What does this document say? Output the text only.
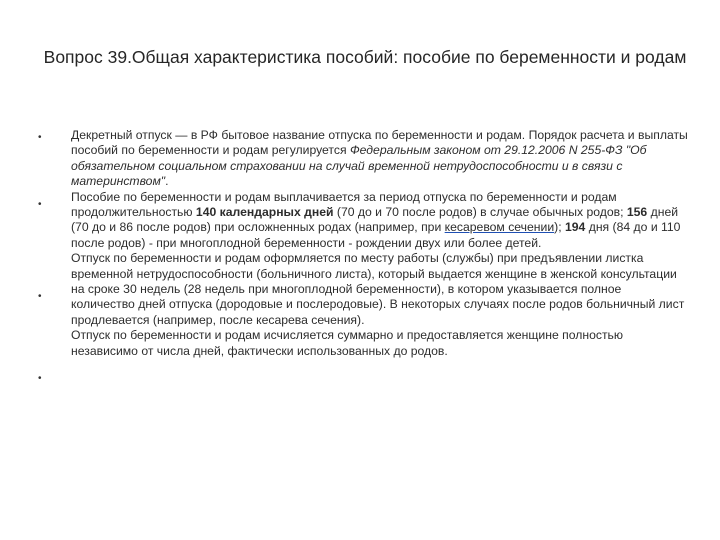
Вопрос 39.Общая характеристика пособий: пособие по беременности и родам
•	Декретный отпуск — в РФ бытовое название отпуска по беременности и родам. Порядок расчета и выплаты пособий по беременности и родам регулируется Федеральным законом от 29.12.2006 N 255-ФЗ "Об обязательном социальном страховании на случай временной нетрудоспособности и в связи с материнством".
•
Пособие по беременности и родам выплачивается за период отпуска по беременности и родам продолжительностью 140 календарных дней (70 до и 70 после родов) в случае обычных родов; 156 дней (70 до и 86 после родов) при осложненных родах (например, при кесаревом сечении); 194 дня (84 до и 110 после родов) - при многоплодной беременности - рождении двух или более детей.
•
Отпуск по беременности и родам оформляется по месту работы (службы) при предъявлении листка временной нетрудоспособности (больничного листа), который выдается женщине в женской консультации на сроке 30 недель (28 недель при многоплодной беременности), в котором указывается полное количество дней отпуска (дородовые и послеродовые). В некоторых случаях после родов больничный лист продлевается (например, после кесарева сечения).
•
Отпуск по беременности и родам исчисляется суммарно и предоставляется женщине полностью независимо от числа дней, фактически использованных до родов.
